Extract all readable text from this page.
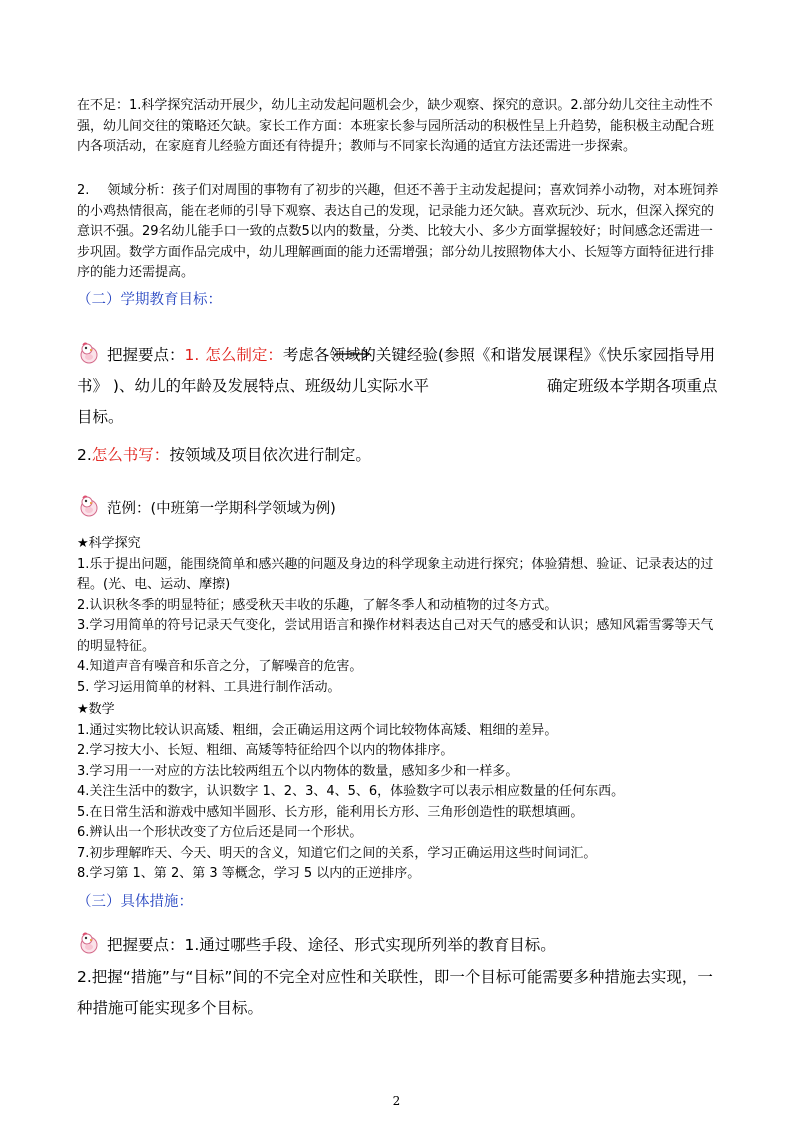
在不足：1.科学探究活动开展少，幼儿主动发起问题机会少，缺少观察、探究的意识。2.部分幼儿交往主动性不强，幼儿间交往的策略还欠缺。家长工作方面：本班家长参与园所活动的积极性呈上升趋势，能积极主动配合班内各项活动，在家庭育儿经验方面还有待提升；教师与不同家长沟通的适宜方法还需进一步探索。
2. 领域分析：孩子们对周围的事物有了初步的兴趣，但还不善于主动发起提问；喜欢饲养小动物，对本班饲养的小鸡热情很高，能在老师的引导下观察、表达自己的发现，记录能力还欠缺。喜欢玩沙、玩水，但深入探究的意识不强。29名幼儿能手口一致的点数5以内的数量，分类、比较大小、多少方面掌握较好；时间感念还需进一步巩固。数学方面作品完成中，幼儿理解画面的能力还需增强；部分幼儿按照物体大小、长短等方面特征进行排序的能力还需提高。
（二）学期教育目标：
把握要点：1. 怎么制定：考虑各领域的关键经验(参照《和谐发展课程》《快乐家园指导用书》 )、幼儿的年龄及发展特点、班级幼儿实际水平	确定班级本学期各项重点目标。
2.怎么书写：按领域及项目依次进行制定。
范例：(中班第一学期科学领域为例)
★科学探究
1.乐于提出问题，能围绕简单和感兴趣的问题及身边的科学现象主动进行探究；体验猜想、验证、记录表达的过程。(光、电、运动、摩擦)
2.认识秋冬季的明显特征；感受秋天丰收的乐趣，了解冬季人和动植物的过冬方式。
3.学习用简单的符号记录天气变化，尝试用语言和操作材料表达自己对天气的感受和认识；感知风霜雪雾等天气的明显特征。
4.知道声音有噪音和乐音之分，了解噪音的危害。
5. 学习运用简单的材料、工具进行制作活动。
★数学
1.通过实物比较认识高矮、粗细，会正确运用这两个词比较物体高矮、粗细的差异。
2.学习按大小、长短、粗细、高矮等特征给四个以内的物体排序。
3.学习用一一对应的方法比较两组五个以内物体的数量，感知多少和一样多。
4.关注生活中的数字，认识数字 1、2、3、4、5、6，体验数字可以表示相应数量的任何东西。
5.在日常生活和游戏中感知半圆形、长方形，能利用长方形、三角形创造性的联想填画。
6.辨认出一个形状改变了方位后还是同一个形状。
7.初步理解昨天、今天、明天的含义，知道它们之间的关系，学习正确运用这些时间词汇。
8.学习第 1、第 2、第 3 等概念，学习 5 以内的正逆排序。
（三）具体措施：
把握要点：1.通过哪些手段、途径、形式实现所列举的教育目标。
2.把握“措施”与“目标”间的不完全对应性和关联性，即一个目标可能需要多种措施去实现，一种措施可能实现多个目标。
2
